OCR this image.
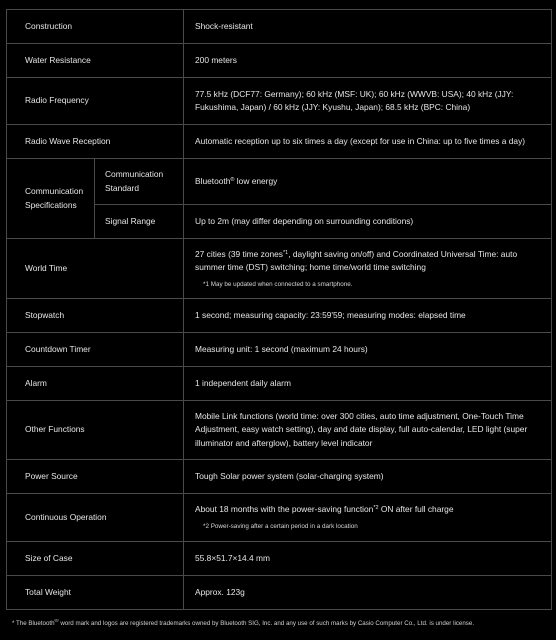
Construction		Shock-resistant
Water Resistance		200 meters
Radio Frequency		77.5 kHz (DCF77: Germany); 60 kHz (MSF: UK); 60 kHz (WWVB: USA); 40 kHz (JJY: Fukushima, Japan) / 60 kHz (JJY: Kyushu, Japan); 68.5 kHz (BPC: China)
Radio Wave Reception		Automatic reception up to six times a day (except for use in China: up to five times a day)
Communication Specifications	Communication Standard	Bluetooth® low energy
	Signal Range	Up to 2m (may differ depending on surrounding conditions)
World Time		27 cities (39 time zones$^{*1}$, daylight saving on/off) and Coordinated Universal Time: auto summer time (DST) switching; home time/world time switching
*1 May be updated when connected to a smartphone.

Stopwatch		1 second; measuring capacity: 23:59'59; measuring modes: elapsed time
Countdown Timer		Measuring unit: 1 second (maximum 24 hours)
Alarm		1 independent daily alarm
Other Functions		Mobile Link functions (world time: over 300 cities, auto time adjustment, One-Touch Time Adjustment, easy watch setting), day and date display, full auto-calendar, LED light (super illuminator and afterglow), battery level indicator
Power Source		Tough Solar power system (solar-charging system)
Continuous Operation		About 18 months with the power-saving function$^{*2}$ ON after full charge
*2 Power-saving after a certain period in a dark location

Size of Case		55.8×51.7×14.4 mm
Total Weight		Approx. 123g
* The Bluetooth® word mark and logos are registered trademarks owned by Bluetooth SIG, Inc. and any use of such marks by Casio Computer Co., Ltd. is under license.
